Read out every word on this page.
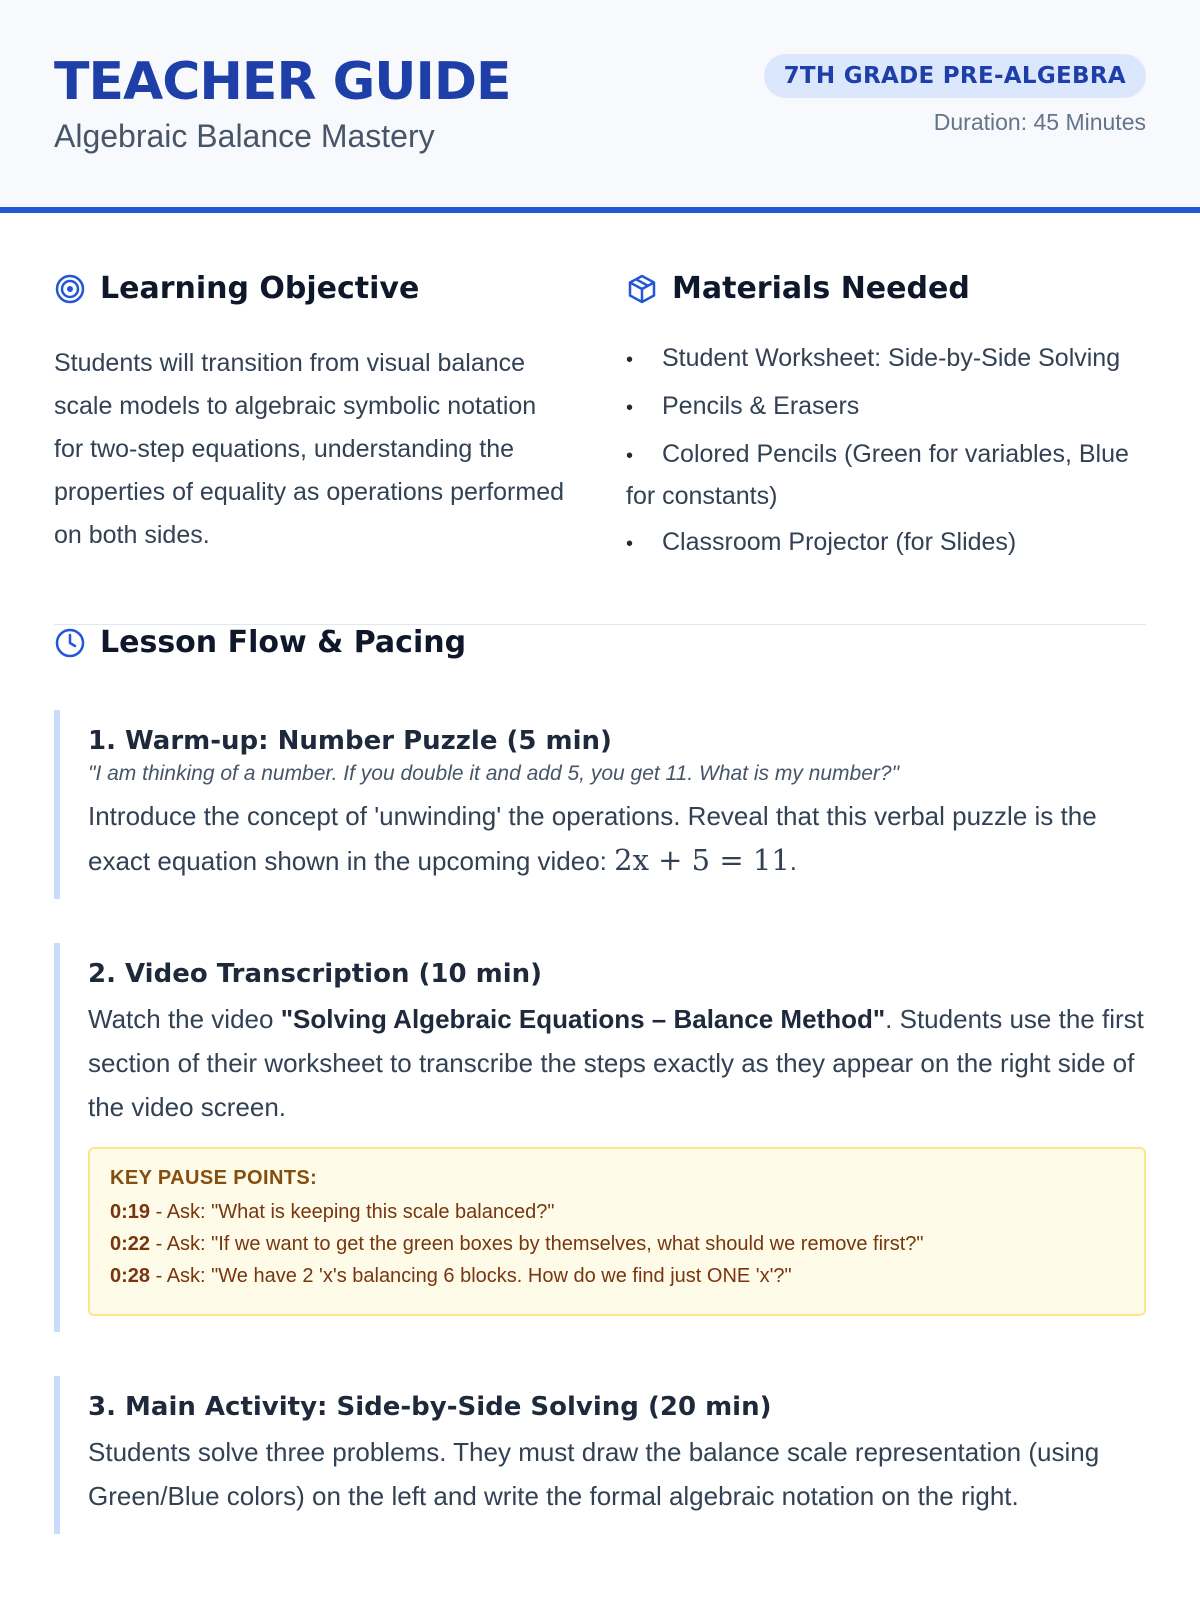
TEACHER GUIDE
Algebraic Balance Mastery
7TH GRADE PRE-ALGEBRA
Duration: 45 Minutes
Learning Objective

Students will transition from visual balance scale models to algebraic symbolic notation for two-step equations, understanding the properties of equality as operations performed on both sides.

Materials Needed
• Student Worksheet: Side-by-Side Solving
• Pencils & Erasers
• Colored Pencils (Green for variables, Blue for constants)
• Classroom Projector (for Slides)
Lesson Flow & Pacing
1. Warm-up: Number Puzzle (5 min)
"I am thinking of a number. If you double it and add 5, you get 11. What is my number?"
Introduce the concept of 'unwinding' the operations. Reveal that this verbal puzzle is the exact equation shown in the upcoming video: 2x + 5 = 11.
2. Video Transcription (10 min)
Watch the video "Solving Algebraic Equations – Balance Method". Students use the first section of their worksheet to transcribe the steps exactly as they appear on the right side of the video screen.
KEY PAUSE POINTS:
0:19 - Ask: "What is keeping this scale balanced?"
0:22 - Ask: "If we want to get the green boxes by themselves, what should we remove first?"
0:28 - Ask: "We have 2 'x's balancing 6 blocks. How do we find just ONE 'x'?"
3. Main Activity: Side-by-Side Solving (20 min)
Students solve three problems. They must draw the balance scale representation (using Green/Blue colors) on the left and write the formal algebraic notation on the right.
